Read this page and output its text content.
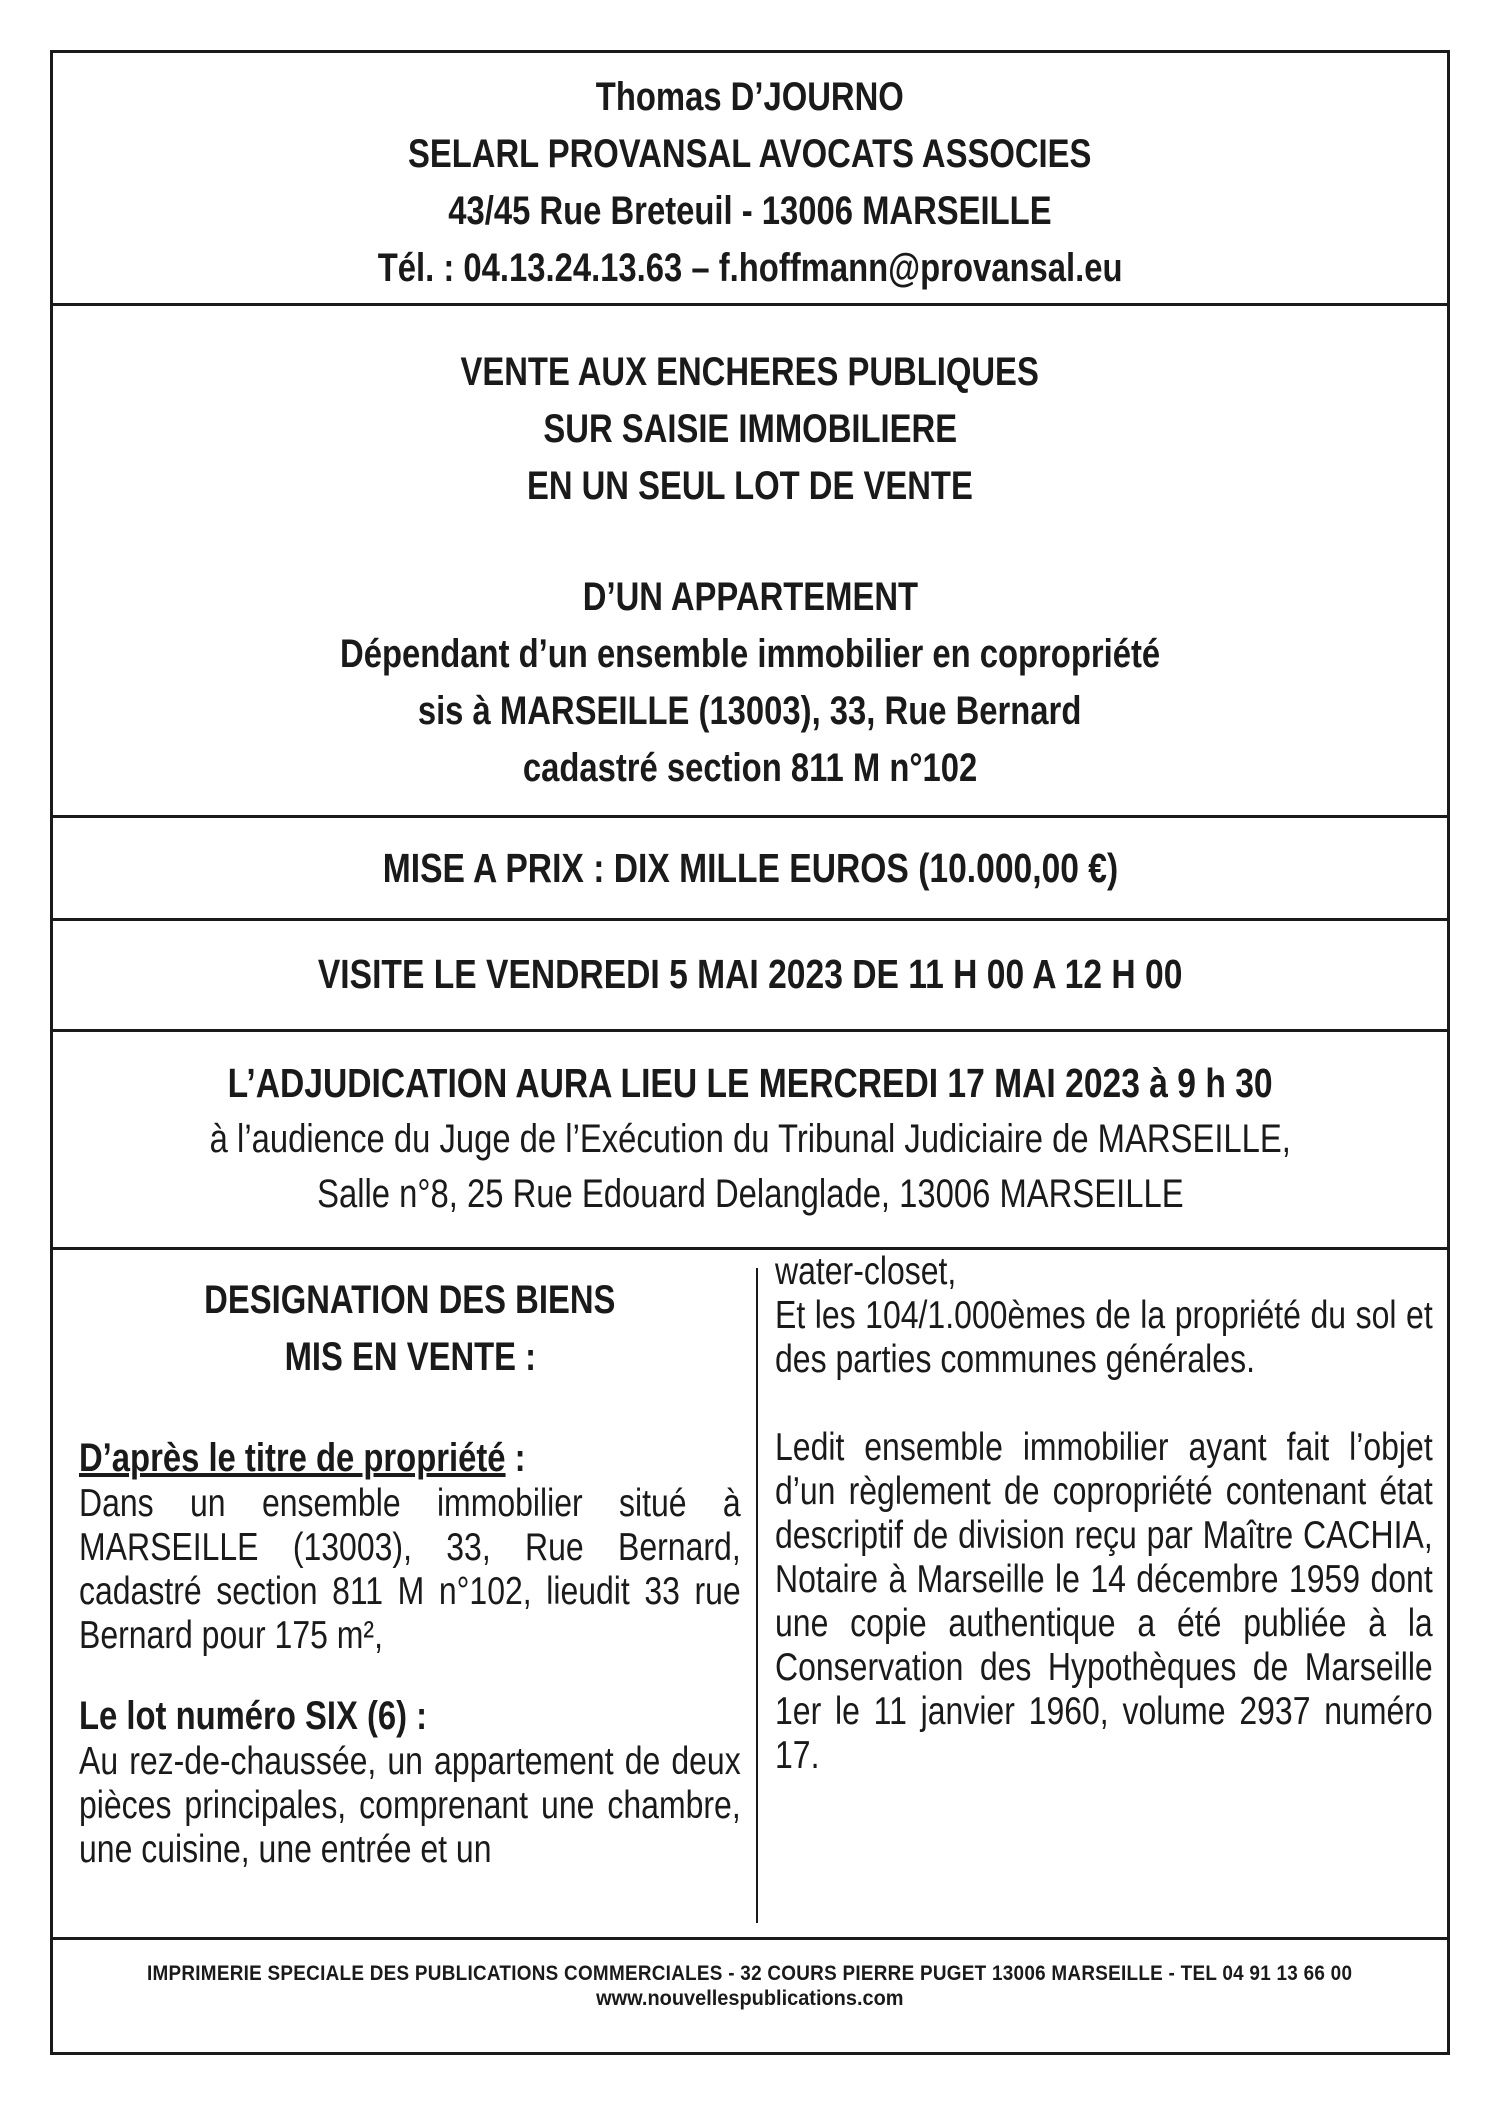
Thomas D’JOURNO
SELARL PROVANSAL AVOCATS ASSOCIES
43/45 Rue Breteuil - 13006 MARSEILLE
Tél. : 04.13.24.13.63 – f.hoffmann@provansal.eu
VENTE AUX ENCHERES PUBLIQUES
SUR SAISIE IMMOBILIERE
EN UN SEUL LOT DE VENTE
D’UN APPARTEMENT
Dépendant d’un ensemble immobilier en copropriété
sis à MARSEILLE (13003), 33, Rue Bernard
cadastré section 811 M n°102
MISE A PRIX : DIX MILLE EUROS (10.000,00 €)
VISITE LE VENDREDI 5 MAI 2023 DE 11 H 00 A 12 H 00
L’ADJUDICATION AURA LIEU LE MERCREDI 17 MAI 2023 à 9 h 30
à l’audience du Juge de l’Exécution du Tribunal Judiciaire de MARSEILLE,
Salle n°8, 25 Rue Edouard Delanglade, 13006 MARSEILLE
DESIGNATION DES BIENS
MIS EN VENTE :
D’après le titre de propriété :
Dans un ensemble immobilier situé à MARSEILLE (13003), 33, Rue Bernard, cadastré section 811 M n°102, lieudit 33 rue Bernard pour 175 m²,
Le lot numéro SIX (6) :
Au rez-de-chaussée, un appartement de deux pièces principales, comprenant une chambre, une cuisine, une entrée et un
water-closet,
Et les 104/1.000èmes de la propriété du sol et des parties communes générales.
Ledit ensemble immobilier ayant fait l’objet d’un règlement de copropriété contenant état descriptif de division reçu par Maître CACHIA, Notaire à Marseille le 14 décembre 1959 dont une copie authentique a été publiée à la Conservation des Hypothèques de Marseille 1er le 11 janvier 1960, volume 2937 numéro 17.
IMPRIMERIE SPECIALE DES PUBLICATIONS COMMERCIALES - 32 COURS PIERRE PUGET 13006 MARSEILLE - TEL 04 91 13 66 00
www.nouvellespublications.com
